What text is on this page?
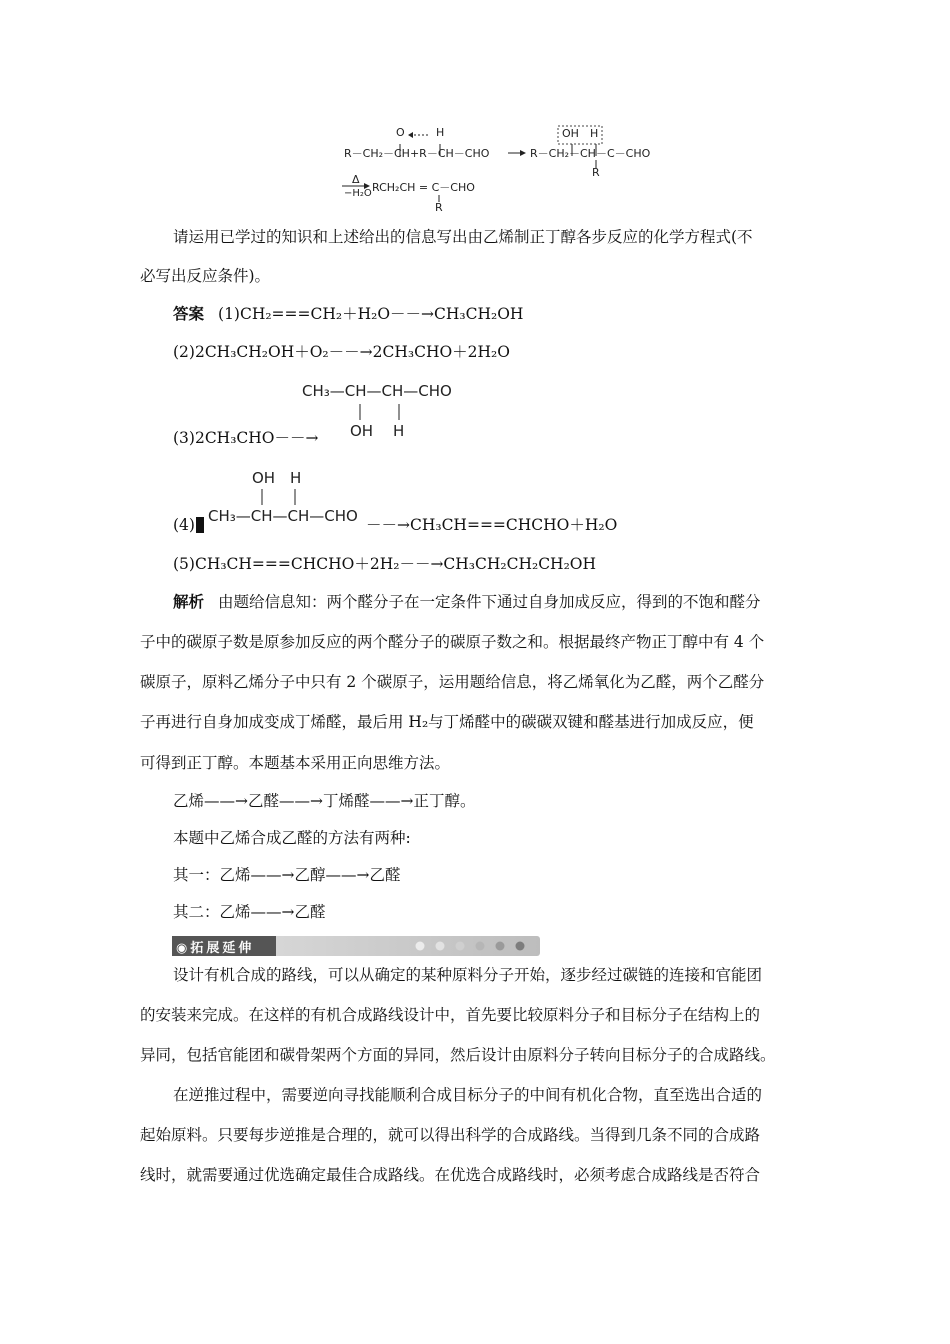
O	H
R－CH₂－CH+R－CH－CHO
OH H
R－CH₂－CH－C－CHO
R
Δ
−H₂O RCH₂CH = C－CHO
R
请运用已学过的知识和上述给出的信息写出由乙烯制正丁醇各步反应的化学方程式(不
必写出反应条件)。
答案 (1)CH₂===CH₂＋H₂O－－→CH₃CH₂OH
(2)2CH₃CH₂OH＋O₂－－→2CH₃CHO＋2H₂O
CH₃—CH—CH—CHO
OH H
(3)2CH₃CHO－－→
OH H
CH₃—CH—CH—CHO
(4)	－－→CH₃CH===CHCHO＋H₂O
(5)CH₃CH===CHCHO＋2H₂－－→CH₃CH₂CH₂CH₂OH
解析 由题给信息知：两个醛分子在一定条件下通过自身加成反应，得到的不饱和醛分
子中的碳原子数是原参加反应的两个醛分子的碳原子数之和。根据最终产物正丁醇中有 4 个
碳原子，原料乙烯分子中只有 2 个碳原子，运用题给信息，将乙烯氧化为乙醛，两个乙醛分
子再进行自身加成变成丁烯醛，最后用 H₂与丁烯醛中的碳碳双键和醛基进行加成反应，便
可得到正丁醇。本题基本采用正向思维方法。
乙烯——→乙醛——→丁烯醛——→正丁醇。
本题中乙烯合成乙醛的方法有两种:
其一：乙烯——→乙醇——→乙醛
其二：乙烯——→乙醛
◉拓展延伸
设计有机合成的路线，可以从确定的某种原料分子开始，逐步经过碳链的连接和官能团
的安装来完成。在这样的有机合成路线设计中，首先要比较原料分子和目标分子在结构上的
异同，包括官能团和碳骨架两个方面的异同，然后设计由原料分子转向目标分子的合成路线。
在逆推过程中，需要逆向寻找能顺利合成目标分子的中间有机化合物，直至选出合适的
起始原料。只要每步逆推是合理的，就可以得出科学的合成路线。当得到几条不同的合成路
线时，就需要通过优选确定最佳合成路线。在优选合成路线时，必须考虑合成路线是否符合
